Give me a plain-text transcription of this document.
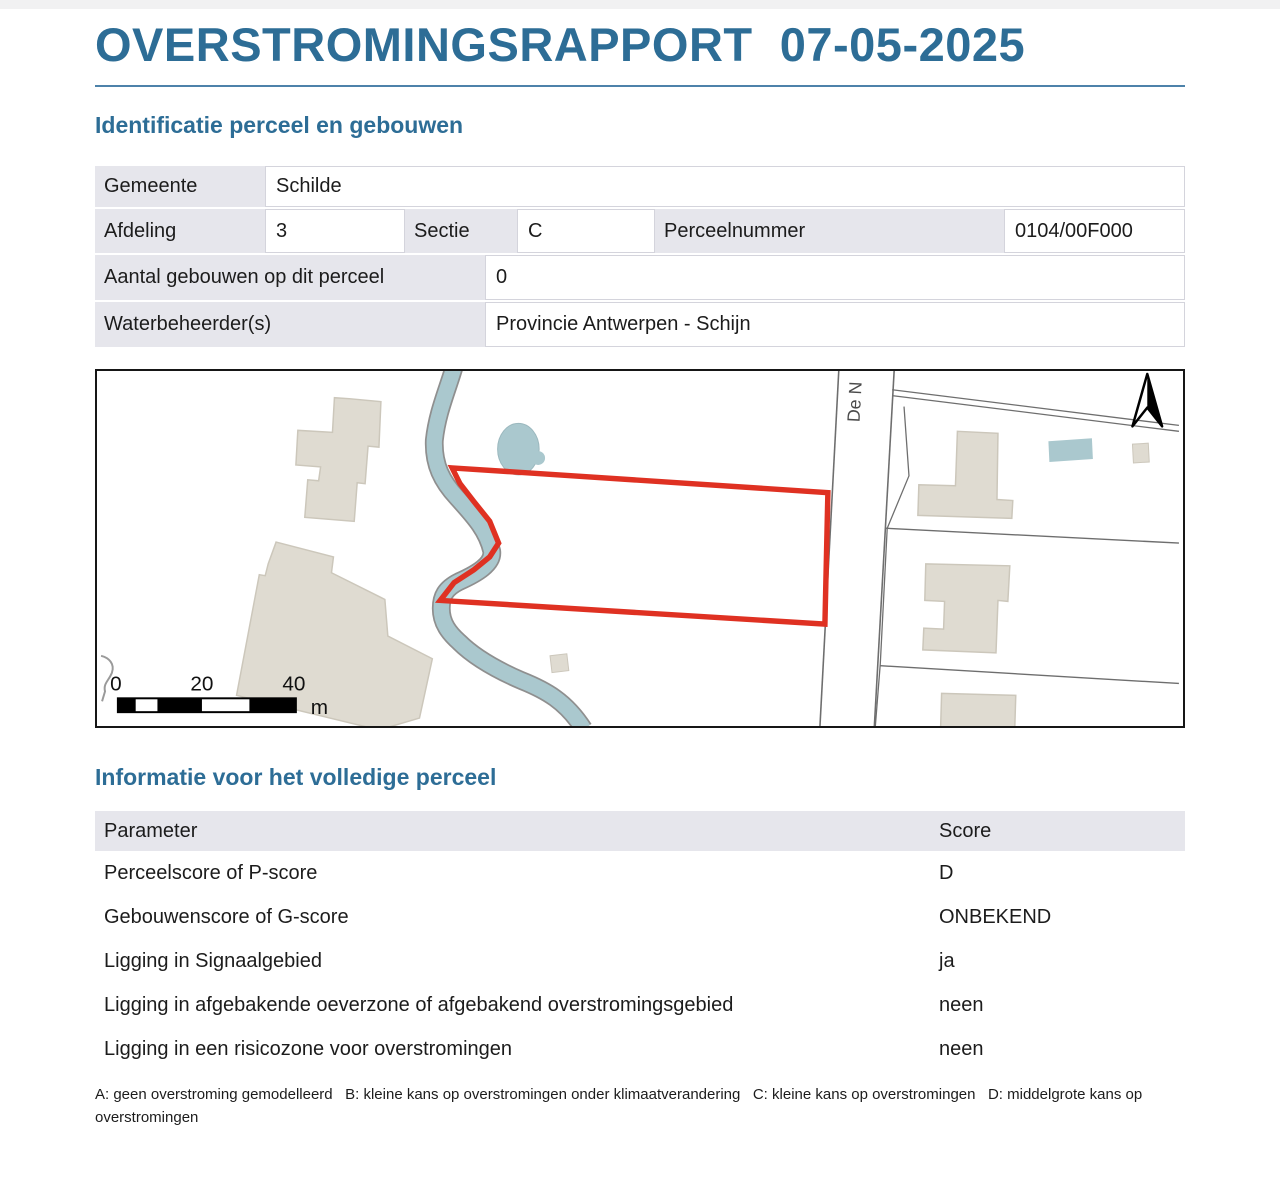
OVERSTROMINGSRAPPORT 07-05-2025
Identificatie perceel en gebouwen
Gemeente	Schilde
Afdeling	3	Sectie	C	Perceelnummer	0104/00F000
Aantal gebouwen op dit perceel	0
Waterbeheerder(s)	Provincie Antwerpen - Schijn
De N
0	20	40
m
Informatie voor het volledige perceel
Parameter	Score
Perceelscore of P-score	D
Gebouwenscore of G-score	ONBEKEND
Ligging in Signaalgebied	ja
Ligging in afgebakende oeverzone of afgebakend overstromingsgebied	neen
Ligging in een risicozone voor overstromingen	neen
A: geen overstroming gemodelleerd   B: kleine kans op overstromingen onder klimaatverandering   C: kleine kans op overstromingen   D: middelgrote kans op overstromingen
